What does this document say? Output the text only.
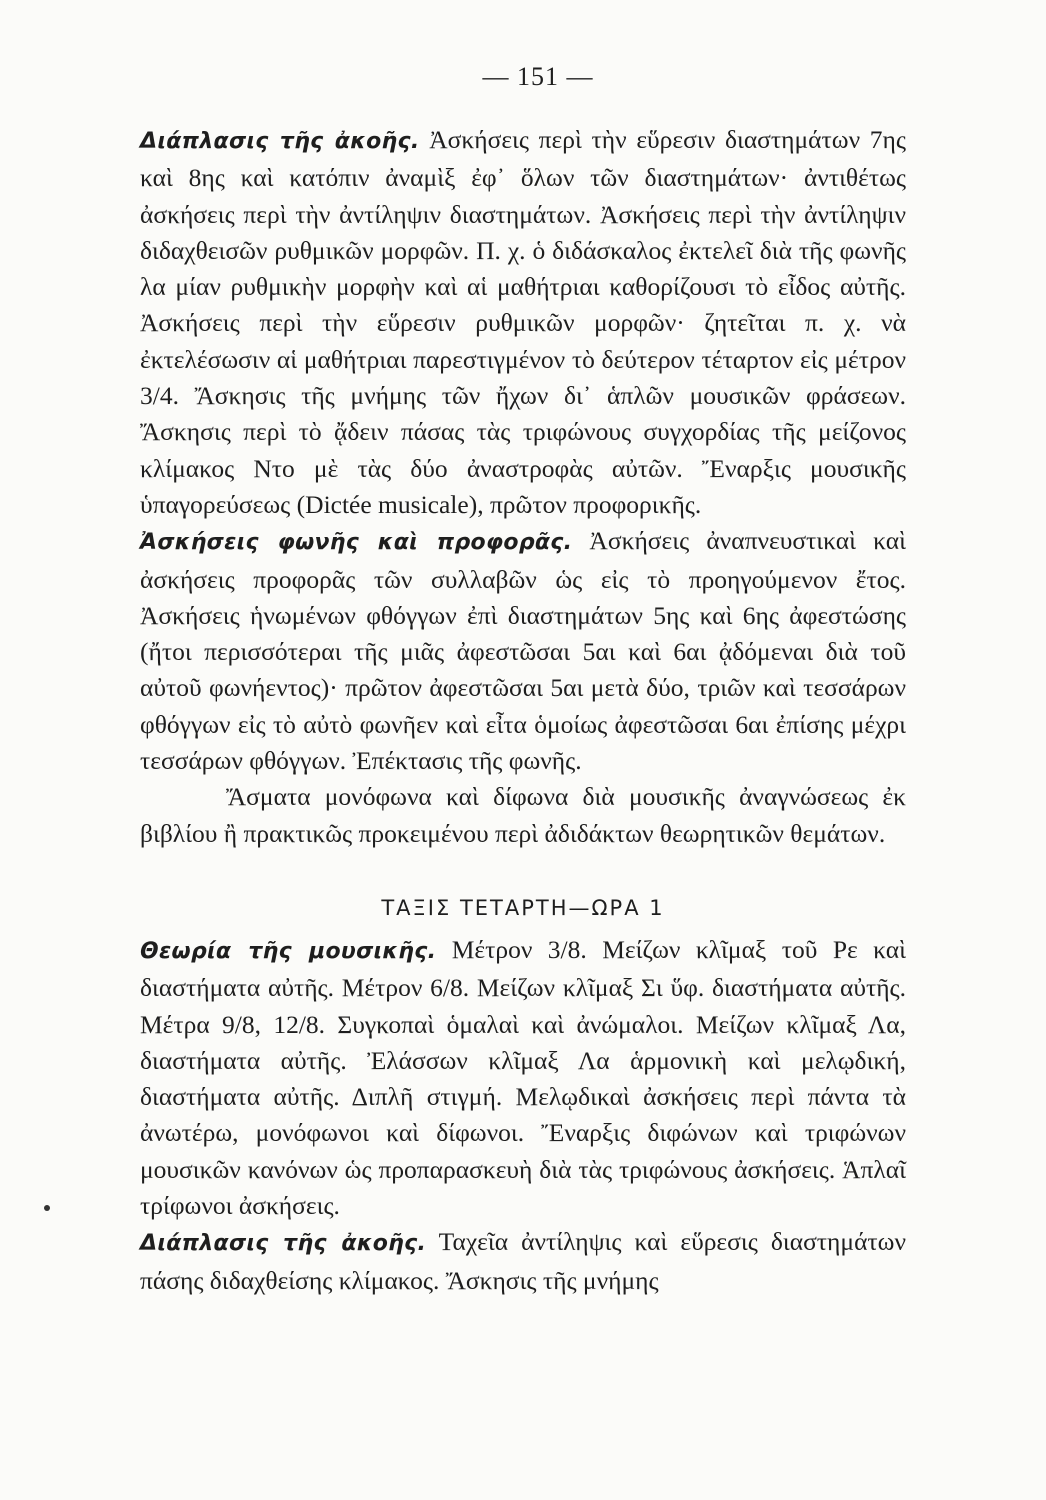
— 151 —

Διάπλασις τῆς ἀκοῆς. Ἀσκήσεις περὶ τὴν εὕρεσιν διαστημάτων 7ης καὶ 8ης καὶ κατόπιν ἀναμὶξ ἐφ᾽ ὅλων τῶν διαστημάτων· ἀντιθέτως ἀσκήσεις περὶ τὴν ἀντίληψιν διαστημάτων. Ἀσκήσεις περὶ τὴν ἀντίληψιν διδαχθεισῶν ρυθμικῶν μορφῶν. Π. χ. ὁ διδάσκαλος ἐκτελεῖ διὰ τῆς φωνῆς λα μίαν ρυθμικὴν μορφὴν καὶ αἱ μαθήτριαι καθορίζουσι τὸ εἶδος αὐτῆς. Ἀσκήσεις περὶ τὴν εὕρεσιν ρυθμικῶν μορφῶν· ζητεῖται π. χ. νὰ ἐκτελέσωσιν αἱ μαθήτριαι παρεστιγμένον τὸ δεύτερον τέταρτον εἰς μέτρον 3/4. Ἄσκησις τῆς μνήμης τῶν ἤχων δι᾽ ἁπλῶν μουσικῶν φράσεων. Ἄσκησις περὶ τὸ ᾄδειν πάσας τὰς τριφώνους συγχορδίας τῆς μείζονος κλίμακος Ντο μὲ τὰς δύο ἀναστροφὰς αὐτῶν. Ἔναρξις μουσικῆς ὑπαγορεύσεως (Dictée musicale), πρῶτον προφορικῆς.

Ἀσκήσεις φωνῆς καὶ προφορᾶς. Ἀσκήσεις ἀναπνευστικαὶ καὶ ἀσκήσεις προφορᾶς τῶν συλλαβῶν ὡς εἰς τὸ προηγούμενον ἔτος. Ἀσκήσεις ἡνωμένων φθόγγων ἐπὶ διαστημάτων 5ης καὶ 6ης ἀφεστώσης (ἤτοι περισσότεραι τῆς μιᾶς ἀφεστῶσαι 5αι καὶ 6αι ᾀδόμεναι διὰ τοῦ αὐτοῦ φωνήεντος)· πρῶτον ἀφεστῶσαι 5αι μετὰ δύο, τριῶν καὶ τεσσάρων φθόγγων εἰς τὸ αὐτὸ φωνῆεν καὶ εἶτα ὁμοίως ἀφεστῶσαι 6αι ἐπίσης μέχρι τεσσάρων φθόγγων. Ἐπέκτασις τῆς φωνῆς.

Ἄσματα μονόφωνα καὶ δίφωνα διὰ μουσικῆς ἀναγνώσεως ἐκ βιβλίου ἢ πρακτικῶς προκειμένου περὶ ἀδιδάκτων θεωρητικῶν θεμάτων.

ΤΑΞΙΣ ΤΕΤΑΡΤΗ—ΩΡΑ 1

Θεωρία τῆς μουσικῆς. Μέτρον 3/8. Μείζων κλῖμαξ τοῦ Ρε καὶ διαστήματα αὐτῆς. Μέτρον 6/8. Μείζων κλῖμαξ Σι ὕφ. διαστήματα αὐτῆς. Μέτρα 9/8, 12/8. Συγκοπαὶ ὁμαλαὶ καὶ ἀνώμαλοι. Μείζων κλῖμαξ Λα, διαστήματα αὐτῆς. Ἐλάσσων κλῖμαξ Λα ἁρμονικὴ καὶ μελῳδική, διαστήματα αὐτῆς. Διπλῆ στιγμή. Μελῳδικαὶ ἀσκήσεις περὶ πάντα τὰ ἀνωτέρω, μονόφωνοι καὶ δίφωνοι. Ἔναρξις διφώνων καὶ τριφώνων μουσικῶν κανόνων ὡς προπαρασκευὴ διὰ τὰς τριφώνους ἀσκήσεις. Ἁπλαῖ τρίφωνοι ἀσκήσεις.

Διάπλασις τῆς ἀκοῆς. Ταχεῖα ἀντίληψις καὶ εὕρεσις διαστημάτων πάσης διδαχθείσης κλίμακος. Ἄσκησις τῆς μνήμης
